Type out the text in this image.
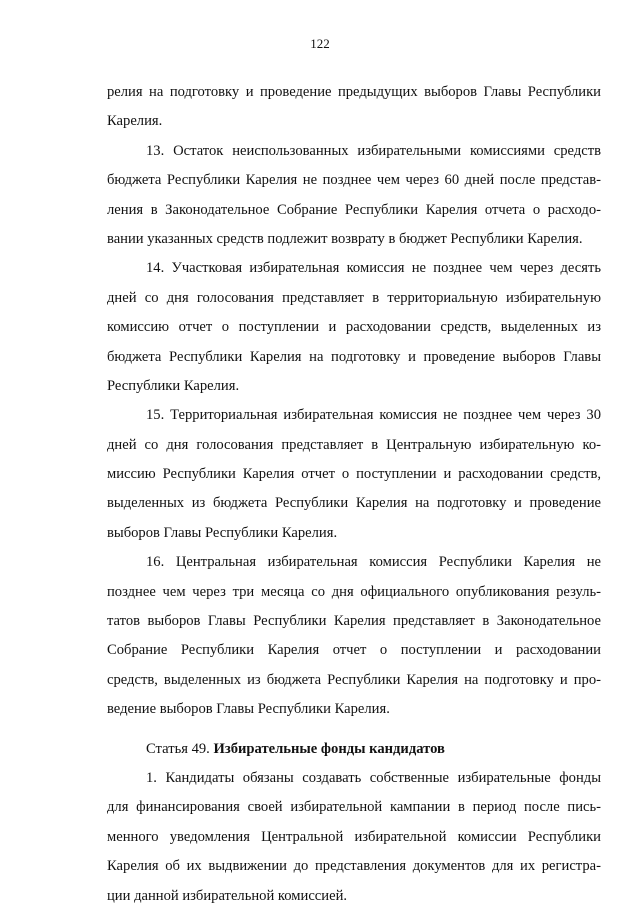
122
релия на подготовку и проведение предыдущих выборов Главы Республики
Карелия.
13. Остаток неиспользованных избирательными комиссиями средств
бюджета Республики Карелия не позднее чем через 60 дней после представ-
ления в Законодательное Собрание Республики Карелия отчета о расходо-
вании указанных средств подлежит возврату в бюджет Республики Карелия.
14. Участковая избирательная комиссия не позднее чем через десять
дней со дня голосования представляет в территориальную избирательную
комиссию отчет о поступлении и расходовании средств, выделенных из
бюджета Республики Карелия на подготовку и проведение выборов Главы
Республики Карелия.
15. Территориальная избирательная комиссия не позднее чем через 30
дней со дня голосования представляет в Центральную избирательную ко-
миссию Республики Карелия отчет о поступлении и расходовании средств,
выделенных из бюджета Республики Карелия на подготовку и проведение
выборов Главы Республики Карелия.
16. Центральная избирательная комиссия Республики Карелия не
позднее чем через три месяца со дня официального опубликования резуль-
татов выборов Главы Республики Карелия представляет в Законодательное
Собрание Республики Карелия отчет о поступлении и расходовании
средств, выделенных из бюджета Республики Карелия на подготовку и про-
ведение выборов Главы Республики Карелия.
Статья 49. Избирательные фонды кандидатов
1. Кандидаты обязаны создавать собственные избирательные фонды
для финансирования своей избирательной кампании в период после пись-
менного уведомления Центральной избирательной комиссии Республики
Карелия об их выдвижении до представления документов для их регистра-
ции данной избирательной комиссией.
